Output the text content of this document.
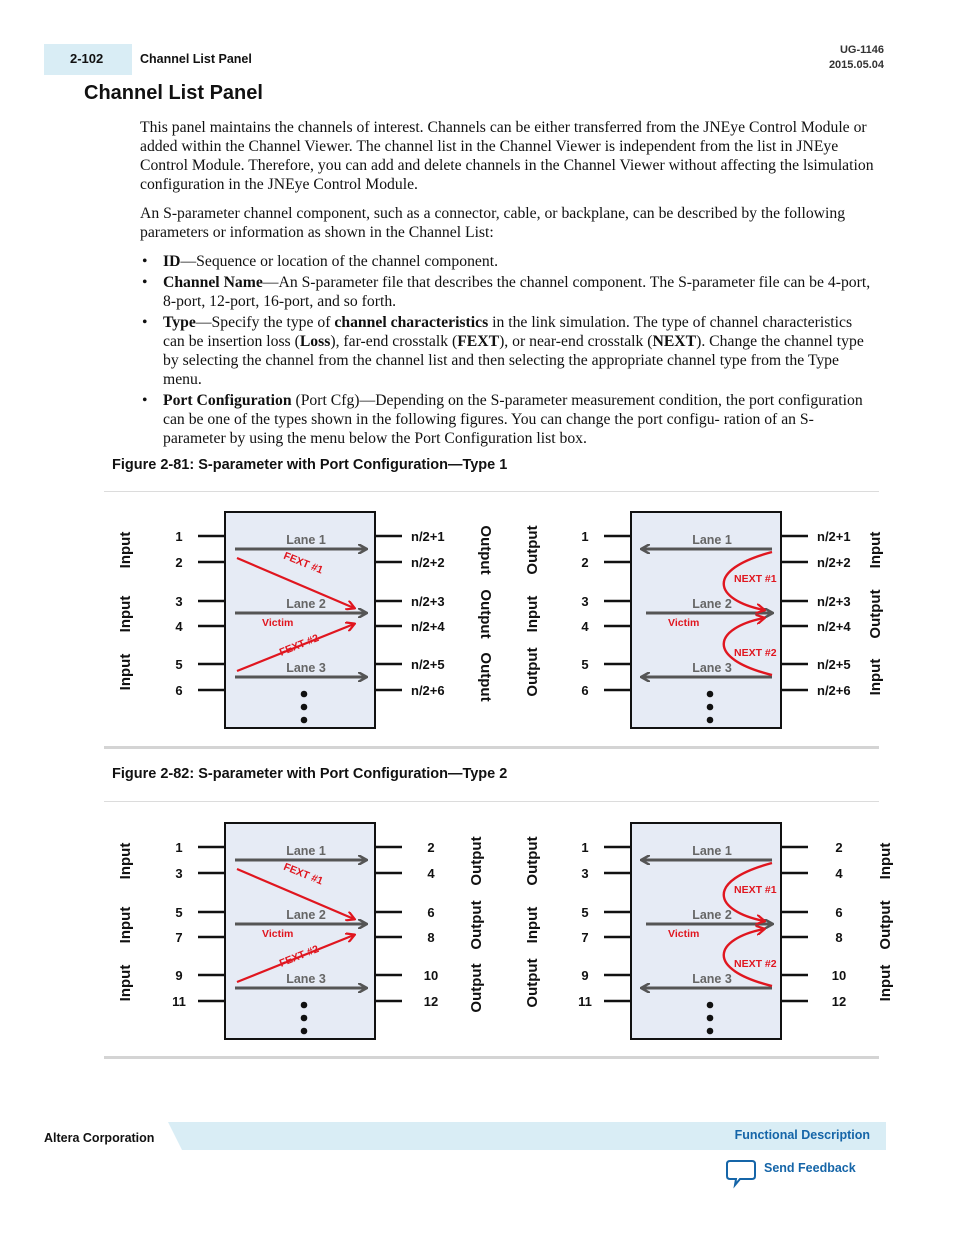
2-102	Channel List Panel
UG-1146
2015.05.04
Channel List Panel

This panel maintains the channels of interest. Channels can be either transferred from the JNEye Control Module or added within the Channel Viewer. The channel list in the Channel Viewer is independent from the list in JNEye Control Module. Therefore, you can add and delete channels in the Channel Viewer without affecting the lsimulation configuration in the JNEye Control Module.

An S-parameter channel component, such as a connector, cable, or backplane, can be described by the following parameters or information as shown in the Channel List:

• ID—Sequence or location of the channel component.
• Channel Name—An S-parameter file that describes the channel component. The S-parameter file can be 4-port, 8-port, 12-port, 16-port, and so forth.
• Type—Specify the type of channel characteristics in the link simulation. The type of channel characteristics can be insertion loss (Loss), far-end crosstalk (FEXT), or near-end crosstalk (NEXT). Change the channel type by selecting the channel from the channel list and then selecting the appropriate channel type from the Type menu.
• Port Configuration (Port Cfg)—Depending on the S-parameter measurement condition, the port configuration can be one of the types shown in the following figures. You can change the port configu- ration of an S-parameter by using the menu below the Port Configuration list box.
Figure 2-81: S-parameter with Port Configuration—Type 1
1
2
3
4
5
6
n/2+1
n/2+2
n/2+3
n/2+4
n/2+5
n/2+6
Lane 1
Lane 2
Lane 3
FEXT #1
FEXT #2
Victim
Input
Input
Input
Output
Output
Output
1
2
3
4
5
6
n/2+1
n/2+2
n/2+3
n/2+4
n/2+5
n/2+6
Lane 1
Lane 2
Lane 3
NEXT #1
NEXT #2
Victim
Output
Input
Output
Input
Output
Input
Figure 2-82: S-parameter with Port Configuration—Type 2
1
3
5
7
9
11
2
4
6
8
10
12
Lane 1
Lane 2
Lane 3
FEXT #1
FEXT #2
Victim
Input
Input
Input
Output
Output
Output
1
3
5
7
9
11
2
4
6
8
10
12
Lane 1
Lane 2
Lane 3
NEXT #1
NEXT #2
Victim
Output
Input
Output
Input
Output
Input
Altera Corporation	Functional Description
Send Feedback
